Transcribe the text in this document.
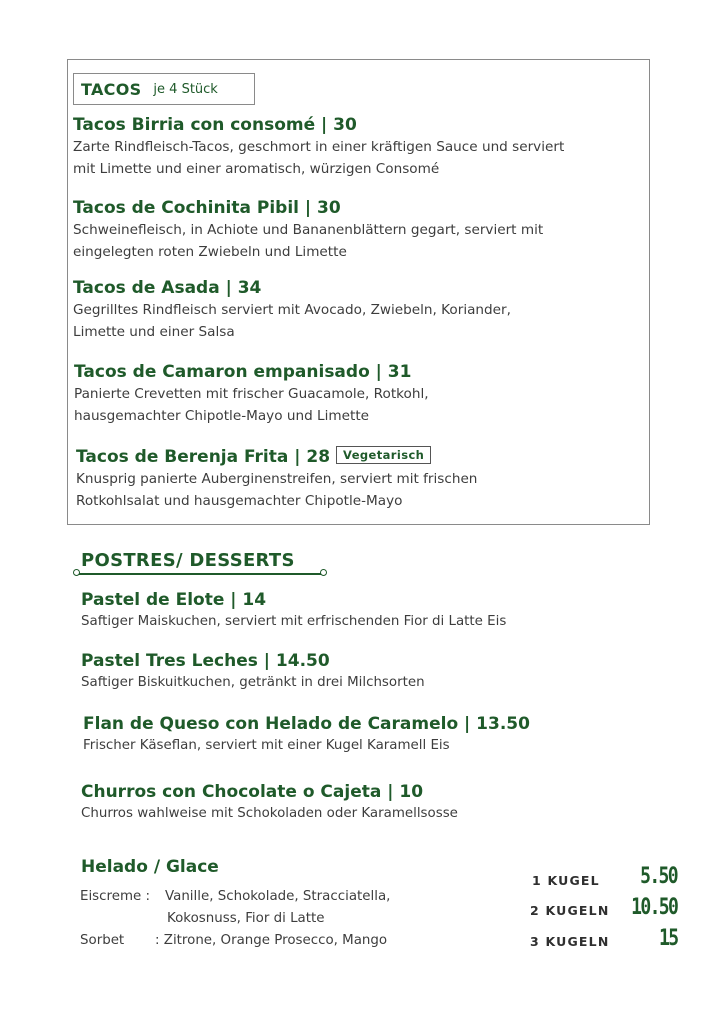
TACOS je 4 Stück
Tacos Birria con consomé | 30
Zarte Rindfleisch-Tacos, geschmort in einer kräftigen Sauce und serviert
mit Limette und einer aromatisch, würzigen Consomé
Tacos de Cochinita Pibil | 30
Schweinefleisch, in Achiote und Bananenblättern gegart, serviert mit
eingelegten roten Zwiebeln und Limette
Tacos de Asada | 34
Gegrilltes Rindfleisch serviert mit Avocado, Zwiebeln, Koriander,
Limette und einer Salsa
Tacos de Camaron empanisado | 31
Panierte Crevetten mit frischer Guacamole, Rotkohl,
hausgemachter Chipotle-Mayo und Limette
Tacos de Berenja Frita | 28 Vegetarisch
Knusprig panierte Auberginenstreifen, serviert mit frischen
Rotkohlsalat und hausgemachter Chipotle-Mayo
POSTRES/ DESSERTS
Pastel de Elote | 14
Saftiger Maiskuchen, serviert mit erfrischenden Fior di Latte Eis
Pastel Tres Leches | 14.50
Saftiger Biskuitkuchen, getränkt in drei Milchsorten
Flan de Queso con Helado de Caramelo | 13.50
Frischer Käseflan, serviert mit einer Kugel Karamell Eis
Churros con Chocolate o Cajeta | 10
Churros wahlweise mit Schokoladen oder Karamellsosse
Helado / Glace
Eiscreme : Vanille, Schokolade, Stracciatella,
Kokosnuss, Fior di Latte
Sorbet : Zitrone, Orange Prosecco, Mango
1 KUGEL
2 KUGELN
3 KUGELN
5.50
10.50
15
